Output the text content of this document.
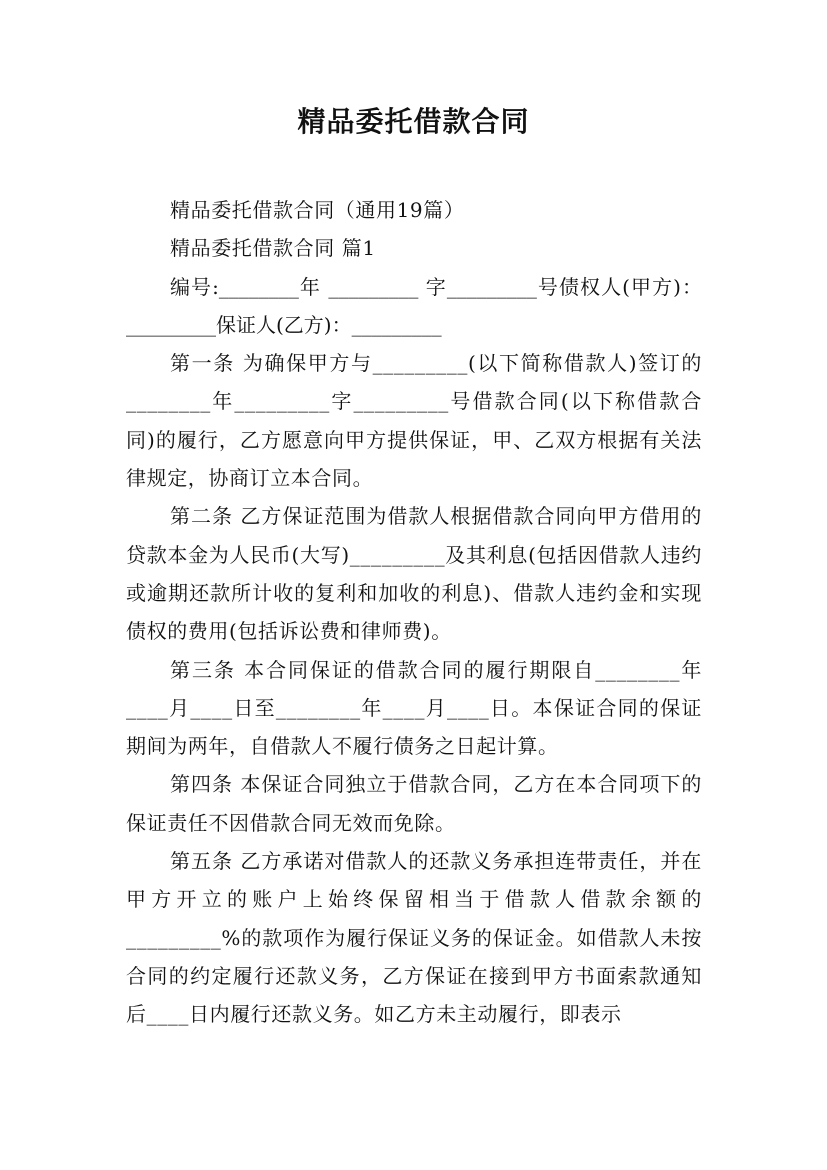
精品委托借款合同

精品委托借款合同（通用19篇）

精品委托借款合同 篇1

编号:________年 _________ 字_________号债权人(甲方)：_________保证人(乙方)：_________

第一条 为确保甲方与_________(以下简称借款人)签订的________年_________字_________号借款合同(以下称借款合同)的履行，乙方愿意向甲方提供保证，甲、乙双方根据有关法律规定，协商订立本合同。

第二条 乙方保证范围为借款人根据借款合同向甲方借用的贷款本金为人民币(大写)_________及其利息(包括因借款人违约或逾期还款所计收的复利和加收的利息)、借款人违约金和实现债权的费用(包括诉讼费和律师费)。

第三条 本合同保证的借款合同的履行期限自________年____月____日至________年____月____日。本保证合同的保证期间为两年，自借款人不履行债务之日起计算。

第四条 本保证合同独立于借款合同，乙方在本合同项下的保证责任不因借款合同无效而免除。

第五条 乙方承诺对借款人的还款义务承担连带责任，并在甲方开立的账户上始终保留相当于借款人借款余额的_________%的款项作为履行保证义务的保证金。如借款人未按合同的约定履行还款义务，乙方保证在接到甲方书面索款通知后____日内履行还款义务。如乙方未主动履行，即表示
